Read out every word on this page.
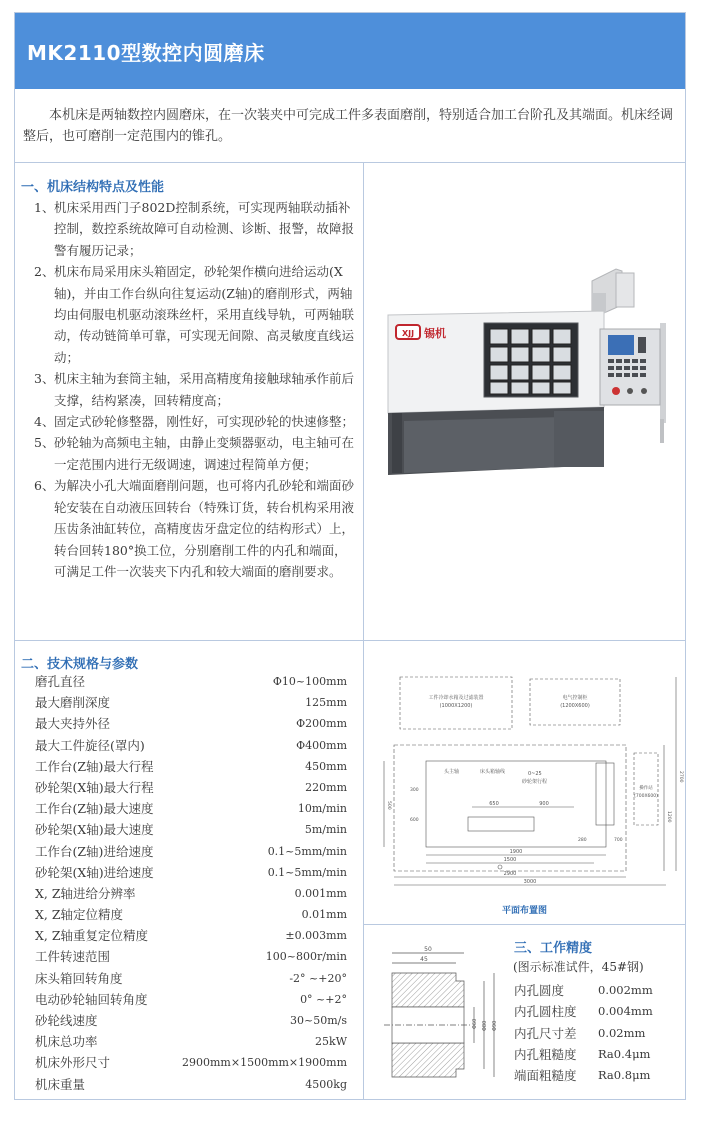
MK2110型数控内圆磨床

本机床是两轴数控内圆磨床，在一次装夹中可完成工件多表面磨削，特别适合加工台阶孔及其端面。机床经调整后，也可磨削一定范围内的锥孔。

一、机床结构特点及性能
1、 机床采用西门子802D控制系统，可实现两轴联动插补控制，数控系统故障可自动检测、诊断、报警，故障报警有履历记录；
2、 机床布局采用床头箱固定，砂轮架作横向进给运动(X轴)，并由工作台纵向往复运动(Z轴)的磨削形式，两轴均由伺服电机驱动滚珠丝杆，采用直线导轨，可两轴联动，传动链简单可靠，可实现无间隙、高灵敏度直线运动；
3、 机床主轴为套筒主轴，采用高精度角接触球轴承作前后支撑，结构紧凑，回转精度高；
4、 固定式砂轮修整器，刚性好，可实现砂轮的快速修整；
5、 砂轮轴为高频电主轴，由静止变频器驱动，电主轴可在一定范围内进行无级调速，调速过程简单方便；
6、 为解决小孔大端面磨削问题，也可将内孔砂轮和端面砂轮安装在自动液压回转台（特殊订货，转台机构采用液压齿条油缸转位，高精度齿牙盘定位的结构形式）上，转台回转180°换工位，分别磨削工件的内孔和端面，可满足工件一次装夹下内孔和较大端面的磨削要求。
XJJ 锡机
二、技术规格与参数
磨孔直径	Φ10~100mm
最大磨削深度	125mm
最大夹持外径	Φ200mm
最大工件旋径(罩内)	Φ400mm
工作台(Z轴)最大行程	450mm
砂轮架(X轴)最大行程	220mm
工作台(Z轴)最大速度	10m/min
砂轮架(X轴)最大速度	5m/min
工作台(Z轴)进给速度	0.1~5mm/min
砂轮架(X轴)进给速度	0.1~5mm/min
X, Z轴进给分辨率	0.001mm
X, Z轴定位精度	0.01mm
X, Z轴重复定位精度	±0.003mm
工件转速范围	100~800r/min
床头箱回转角度	-2° ~+20°
电动砂轮轴回转角度	0° ~+2°
砂轮线速度	30~50m/s
机床总功率	25kW
机床外形尺寸	2900mm×1500mm×1900mm
机床重量	4500kg
工件冷却水箱及过滤装置
(1000X1200)
电气控制柜
(1200X600)
操作站
(700X600)
头主轴	床头箱轴线	0~25
砂轮架行程
2900
3000
1900
1500
650	900
2700
1200
500
600
300
280	700
平面布置图
50
45
Φ60 Φ80 Φ90
三、工作精度
(图示标准试件，45#钢)
内孔圆度	0.002mm
内孔圆柱度 0.004mm
内孔尺寸差 0.02mm
内孔粗糙度 Ra0.4μm
端面粗糙度 Ra0.8μm
